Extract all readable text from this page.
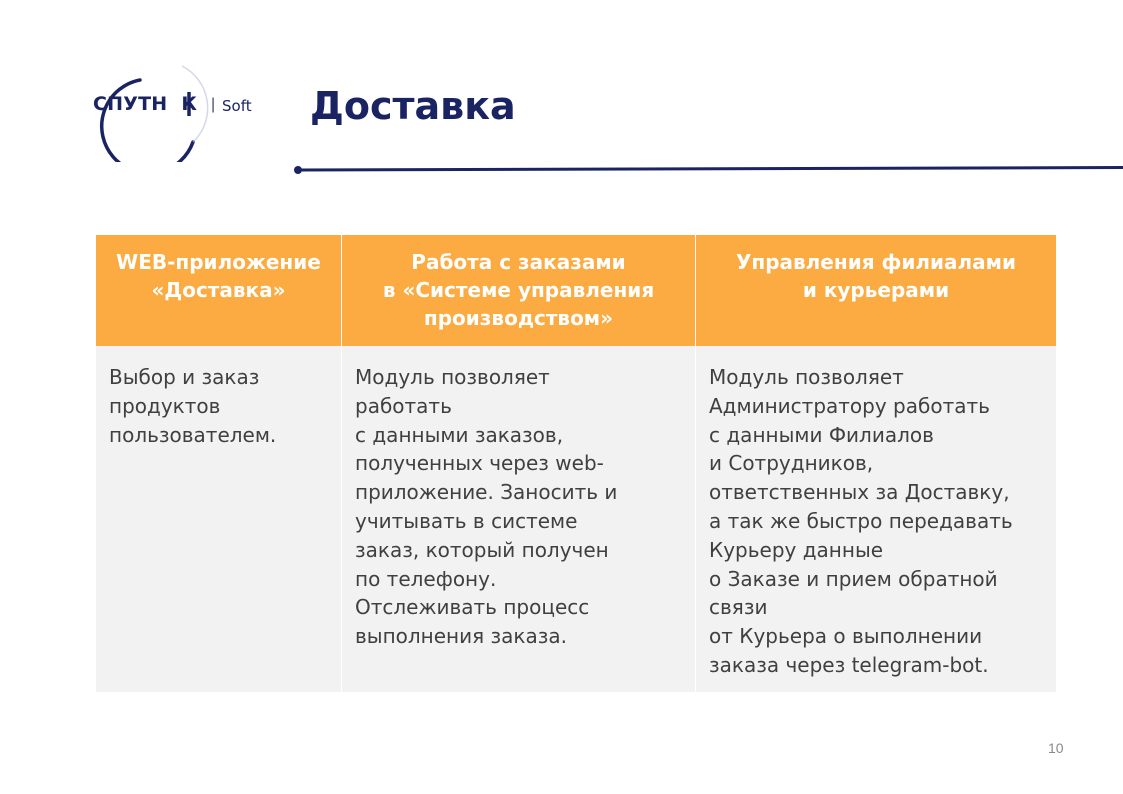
СПУТН К | Soft Доставка
WEB-приложение
«Доставка»
Работа с заказами
в «Системе управления
производством»
Управления филиалами
и курьерами
Выбор и заказ
продуктов
пользователем.
Модуль позволяет
работать
с данными заказов,
полученных через web-
приложение. Заносить и
учитывать в системе
заказ, который получен
по телефону.
Отслеживать процесс
выполнения заказа.
Модуль позволяет
Администратору работать
с данными Филиалов
и Сотрудников,
ответственных за Доставку,
а так же быстро передавать
Курьеру данные
о Заказе и прием обратной
связи
от Курьера о выполнении
заказа через telegram-bot.
10
